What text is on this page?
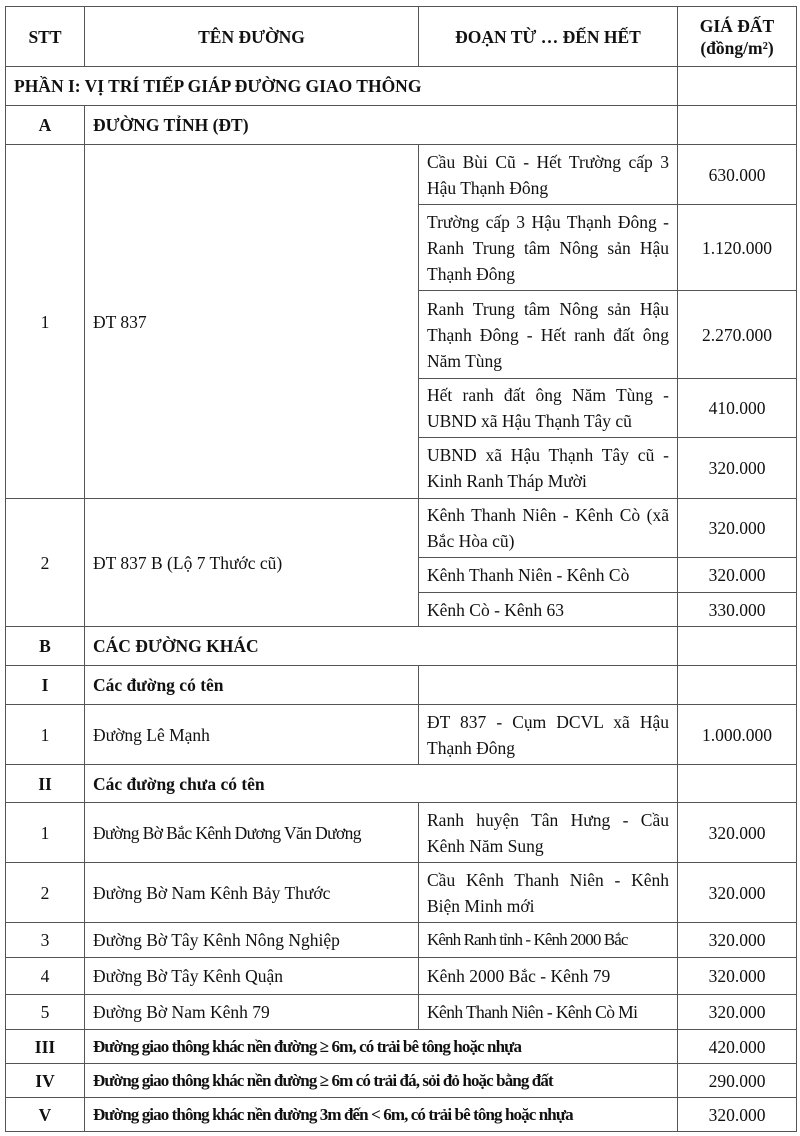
STT	TÊN ĐƯỜNG	ĐOẠN TỪ … ĐẾN HẾT	GIÁ ĐẤT
(đồng/m²)

PHẦN I: VỊ TRÍ TIẾP GIÁP ĐƯỜNG GIAO THÔNG			
A	ĐƯỜNG TỈNH (ĐT)		
1	ĐT 837	Cầu Bùi Cũ - Hết Trường cấp 3 Hậu Thạnh Đông	630.000
		Trường cấp 3 Hậu Thạnh Đông - Ranh Trung tâm Nông sản Hậu Thạnh Đông	1.120.000
		Ranh Trung tâm Nông sản Hậu Thạnh Đông - Hết ranh đất ông Năm Tùng	2.270.000
		Hết ranh đất ông Năm Tùng - UBND xã Hậu Thạnh Tây cũ	410.000
		UBND xã Hậu Thạnh Tây cũ - Kinh Ranh Tháp Mười	320.000
2	ĐT 837 B (Lộ 7 Thước cũ)	Kênh Thanh Niên - Kênh Cò (xã Bắc Hòa cũ)	320.000
		Kênh Thanh Niên - Kênh Cò	320.000
		Kênh Cò - Kênh 63	330.000
B	CÁC ĐƯỜNG KHÁC		
I	Các đường có tên		
1	Đường Lê Mạnh	ĐT 837 - Cụm DCVL xã Hậu Thạnh Đông	1.000.000
II	Các đường chưa có tên		
1	Đường Bờ Bắc Kênh Dương Văn Dương	Ranh huyện Tân Hưng - Cầu Kênh Năm Sung	320.000
2	Đường Bờ Nam Kênh Bảy Thước	Cầu Kênh Thanh Niên - Kênh Biện Minh mới	320.000
3	Đường Bờ Tây Kênh Nông Nghiệp	Kênh Ranh tỉnh - Kênh 2000 Bắc	320.000
4	Đường Bờ Tây Kênh Quận	Kênh 2000 Bắc - Kênh 79	320.000
5	Đường Bờ Nam Kênh 79	Kênh Thanh Niên - Kênh Cò Mi	320.000
III	Đường giao thông khác nền đường ≥ 6m, có trải bê tông hoặc nhựa		420.000
IV	Đường giao thông khác nền đường ≥ 6m có trải đá, sỏi đỏ hoặc bằng đất		290.000
V	Đường giao thông khác nền đường 3m đến < 6m, có trải bê tông hoặc nhựa		320.000
